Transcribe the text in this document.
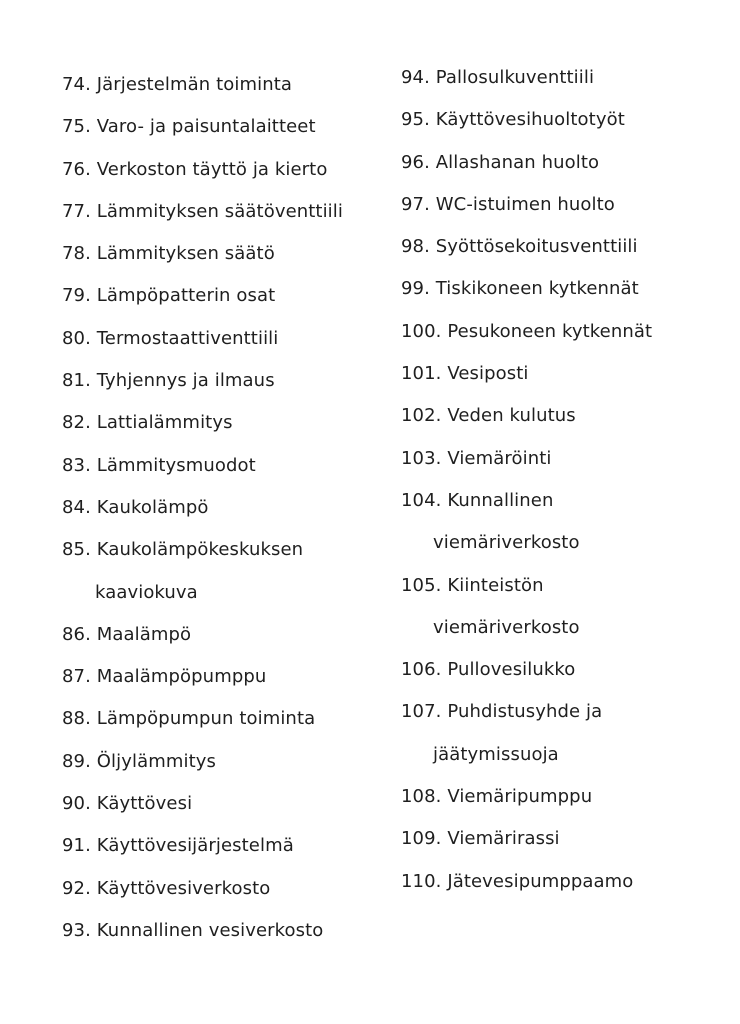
74. Järjestelmän toiminta
75. Varo- ja paisuntalaitteet
76. Verkoston täyttö ja kierto
77. Lämmityksen säätöventtiili
78. Lämmityksen säätö
79. Lämpöpatterin osat
80. Termostaattiventtiili
81. Tyhjennys ja ilmaus
82. Lattialämmitys
83. Lämmitysmuodot
84. Kaukolämpö
85. Kaukolämpökeskuksen
kaaviokuva
86. Maalämpö
87. Maalämpöpumppu
88. Lämpöpumpun toiminta
89. Öljylämmitys
90. Käyttövesi
91. Käyttövesijärjestelmä
92. Käyttövesiverkosto
93. Kunnallinen vesiverkosto
94. Pallosulkuventtiili
95. Käyttövesihuoltotyöt
96. Allashanan huolto
97. WC-istuimen huolto
98. Syöttösekoitusventtiili
99. Tiskikoneen kytkennät
100. Pesukoneen kytkennät
101. Vesiposti
102. Veden kulutus
103. Viemäröinti
104. Kunnallinen
viemäriverkosto
105. Kiinteistön
viemäriverkosto
106. Pullovesilukko
107. Puhdistusyhde ja
jäätymissuoja
108. Viemäripumppu
109. Viemärirassi
110. Jätevesipumppaamo
